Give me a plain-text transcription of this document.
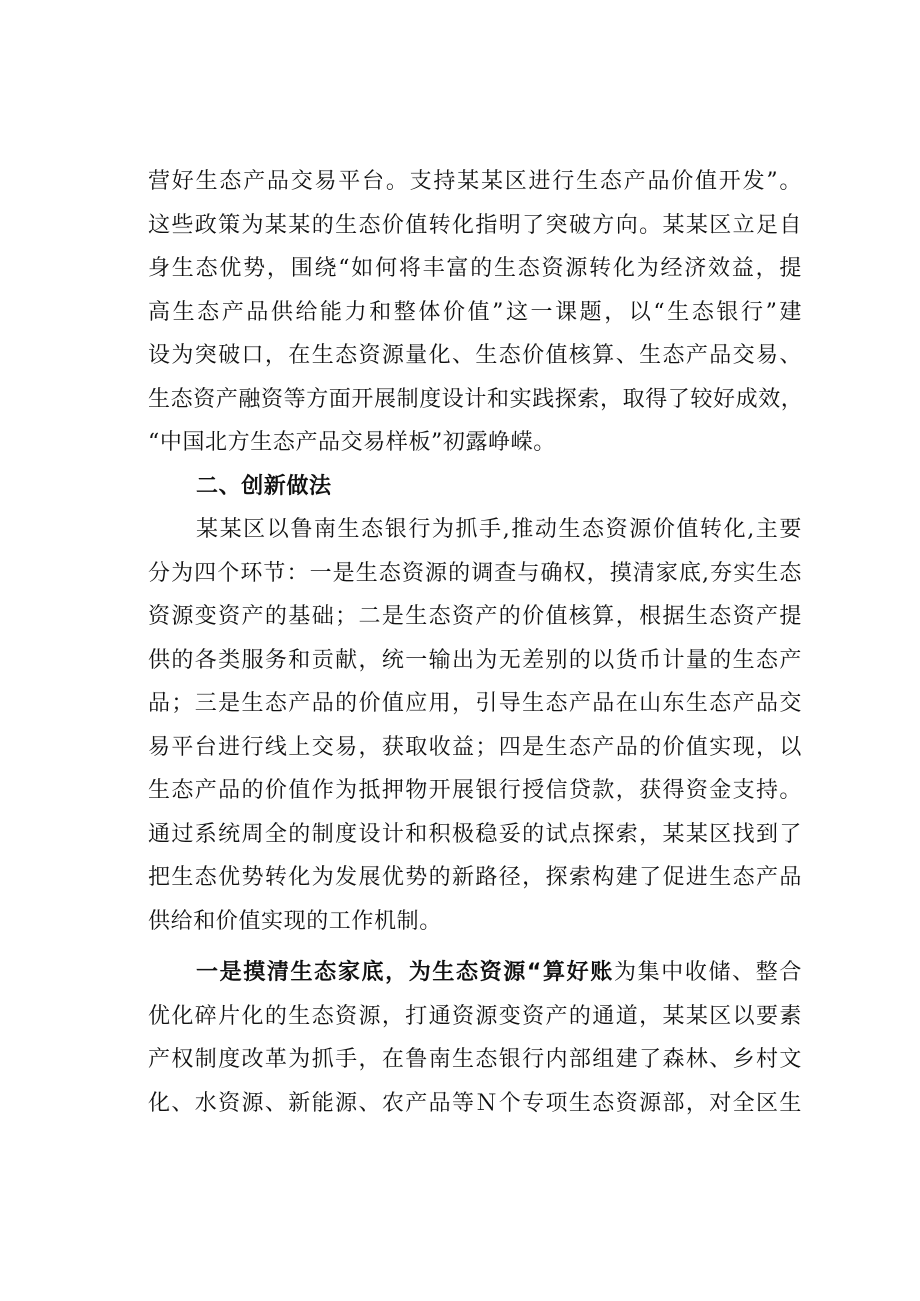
营好生态产品交易平台。支持某某区进行生态产品价值开发”。
这些政策为某某的生态价值转化指明了突破方向。某某区立足自
身生态优势，围绕“如何将丰富的生态资源转化为经济效益，提
高生态产品供给能力和整体价值”这一课题，以“生态银行”建
设为突破口，在生态资源量化、生态价值核算、生态产品交易、
生态资产融资等方面开展制度设计和实践探索，取得了较好成效，
“中国北方生态产品交易样板”初露峥嵘。
二、创新做法
某某区以鲁南生态银行为抓手,推动生态资源价值转化,主要
分为四个环节：一是生态资源的调查与确权，摸清家底,夯实生态
资源变资产的基础；二是生态资产的价值核算，根据生态资产提
供的各类服务和贡献，统一输出为无差别的以货币计量的生态产
品；三是生态产品的价值应用，引导生态产品在山东生态产品交
易平台进行线上交易，获取收益；四是生态产品的价值实现，以
生态产品的价值作为抵押物开展银行授信贷款，获得资金支持。
通过系统周全的制度设计和积极稳妥的试点探索，某某区找到了
把生态优势转化为发展优势的新路径，探索构建了促进生态产品
供给和价值实现的工作机制。
一是摸清生态家底，为生态资源“算好账为集中收储、整合
优化碎片化的生态资源，打通资源变资产的通道，某某区以要素
产权制度改革为抓手，在鲁南生态银行内部组建了森林、乡村文
化、水资源、新能源、农产品等Ｎ个专项生态资源部，对全区生
